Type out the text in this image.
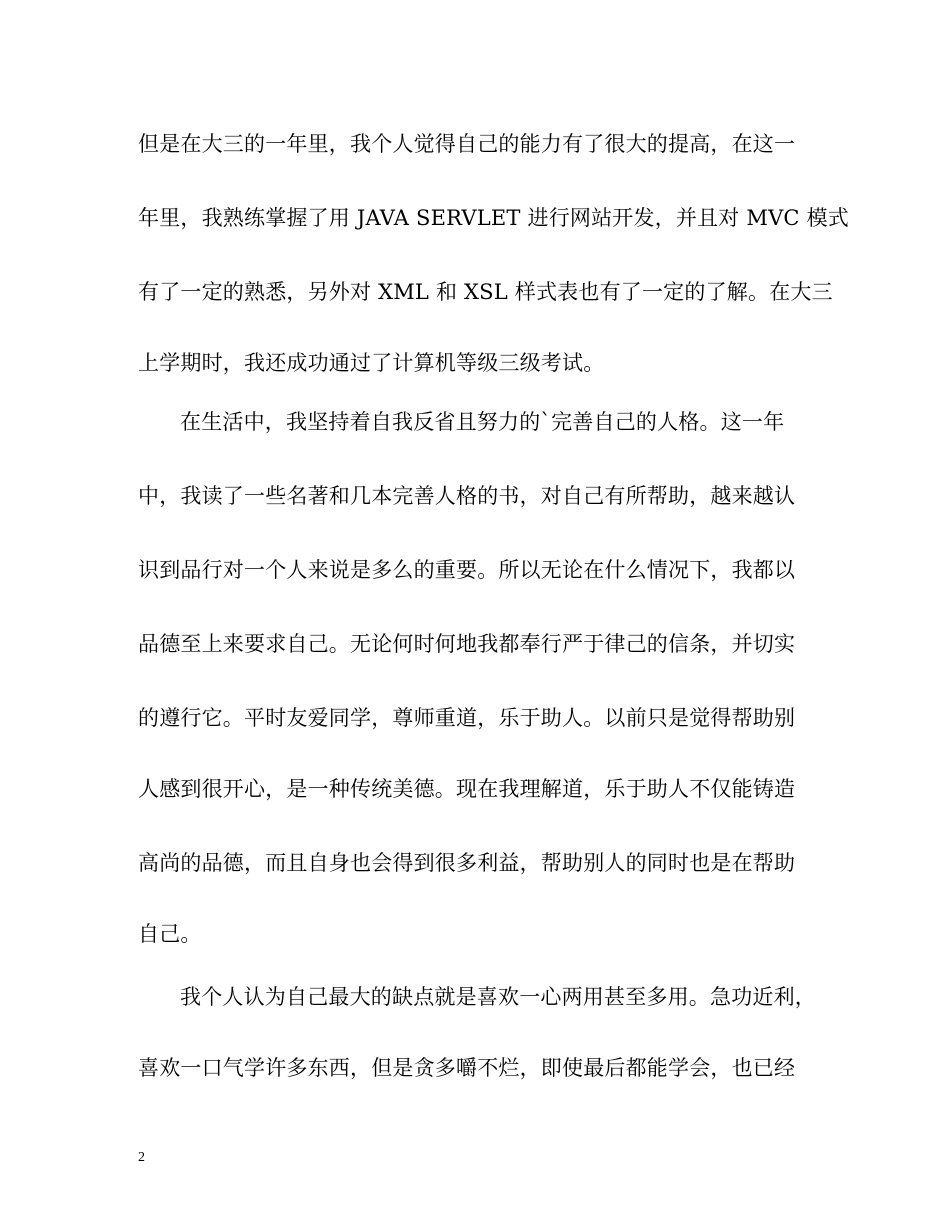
但是在大三的一年里，我个人觉得自己的能力有了很大的提高，在这一
年里，我熟练掌握了用 JAVA SERVLET 进行网站开发，并且对 MVC 模式
有了一定的熟悉，另外对 XML 和 XSL 样式表也有了一定的了解。在大三
上学期时，我还成功通过了计算机等级三级考试。
在生活中，我坚持着自我反省且努力的`完善自己的人格。这一年
中，我读了一些名著和几本完善人格的书，对自己有所帮助，越来越认
识到品行对一个人来说是多么的重要。所以无论在什么情况下，我都以
品德至上来要求自己。无论何时何地我都奉行严于律己的信条，并切实
的遵行它。平时友爱同学，尊师重道，乐于助人。以前只是觉得帮助别
人感到很开心，是一种传统美德。现在我理解道，乐于助人不仅能铸造
高尚的品德，而且自身也会得到很多利益，帮助别人的同时也是在帮助
自己。
我个人认为自己最大的缺点就是喜欢一心两用甚至多用。急功近利，
喜欢一口气学许多东西，但是贪多嚼不烂，即使最后都能学会，也已经
2
